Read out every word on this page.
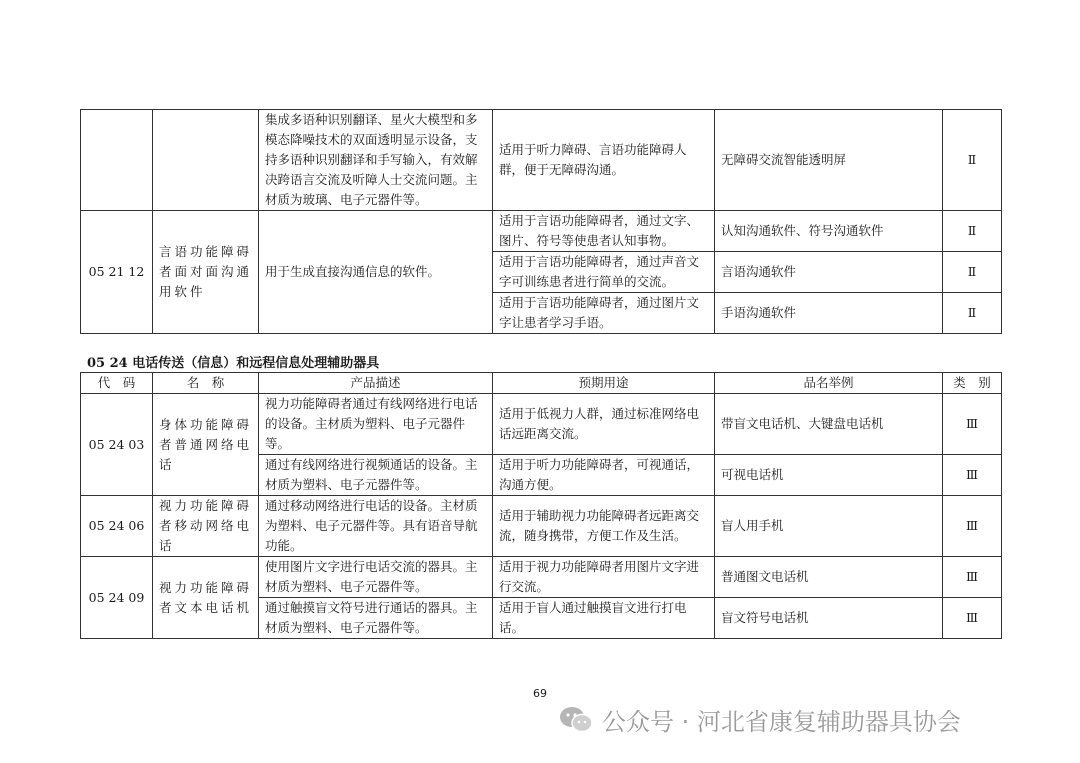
		集成多语种识别翻译、星火大模型和多模态降噪技术的双面透明显示设备，支持多语种识别翻译和手写输入，有效解决跨语言交流及听障人士交流问题。主材质为玻璃、电子元器件等。	适用于听力障碍、言语功能障碍人群，便于无障碍沟通。	无障碍交流智能透明屏	Ⅱ
05 21 12	言语功能障碍者面对面沟通用软件	用于生成直接沟通信息的软件。	适用于言语功能障碍者，通过文字、图片、符号等使患者认知事物。	认知沟通软件、符号沟通软件	Ⅱ
			适用于言语功能障碍者，通过声音文字可训练患者进行简单的交流。	言语沟通软件	Ⅱ
			适用于言语功能障碍者，通过图片文字让患者学习手语。	手语沟通软件	Ⅱ
05 24 电话传送（信息）和远程信息处理辅助器具
代　码	名　称	产品描述	预期用途	品名举例	类　别
05 24 03	身体功能障碍者普通网络电话	视力功能障碍者通过有线网络进行电话的设备。主材质为塑料、电子元器件等。	适用于低视力人群，通过标准网络电话远距离交流。	带盲文电话机、大键盘电话机	Ⅲ
		通过有线网络进行视频通话的设备。主材质为塑料、电子元器件等。	适用于听力功能障碍者，可视通话，沟通方便。	可视电话机	Ⅲ
05 24 06	视力功能障碍者移动网络电话	通过移动网络进行电话的设备。主材质为塑料、电子元器件等。具有语音导航功能。	适用于辅助视力功能障碍者远距离交流，随身携带，方便工作及生活。	盲人用手机	Ⅲ
05 24 09	视力功能障碍者文本电话机	使用图片文字进行电话交流的器具。主材质为塑料、电子元器件等。	适用于视力功能障碍者用图片文字进行交流。	普通图文电话机	Ⅲ
		通过触摸盲文符号进行通话的器具。主材质为塑料、电子元器件等。	适用于盲人通过触摸盲文进行打电话。	盲文符号电话机	Ⅲ
69
公众号 · 河北省康复辅助器具协会
